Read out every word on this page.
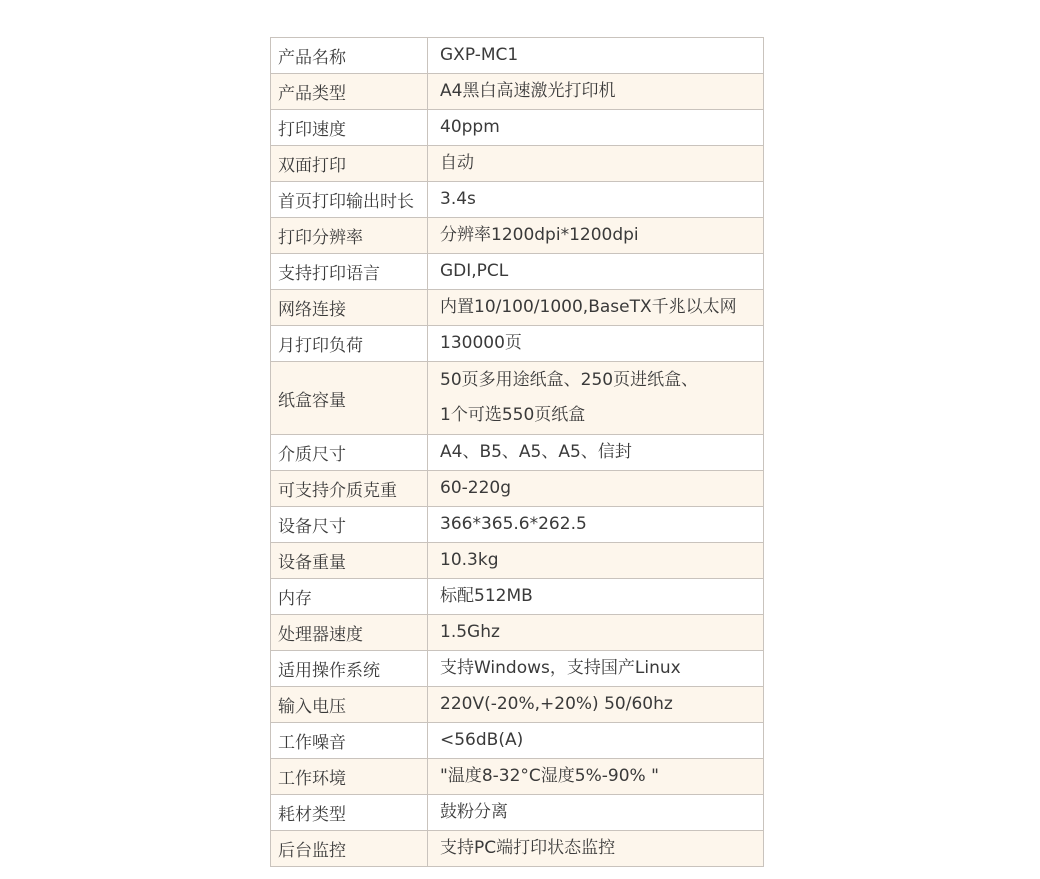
产品名称	GXP-MC1

产品类型	A4黑白高速激光打印机

打印速度	40ppm

双面打印	自动

首页打印输出时长	3.4s

打印分辨率	分辨率1200dpi*1200dpi

支持打印语言	GDI,PCL

网络连接	内置10/100/1000,BaseTX千兆以太网

月打印负荷	130000页

纸盒容量	50页多用途纸盒、250页进纸盒、
1个可选550页纸盒

介质尺寸	A4、B5、A5、A5、信封

可支持介质克重	60-220g

设备尺寸	366*365.6*262.5

设备重量	10.3kg

内存	标配512MB

处理器速度	1.5Ghz

适用操作系统	支持Windows，支持国产Linux

输入电压	220V(-20%,+20%) 50/60hz

工作噪音	<56dB(A)

工作环境	"温度8-32°C湿度5%-90% "

耗材类型	鼓粉分离

后台监控	支持PC端打印状态监控
